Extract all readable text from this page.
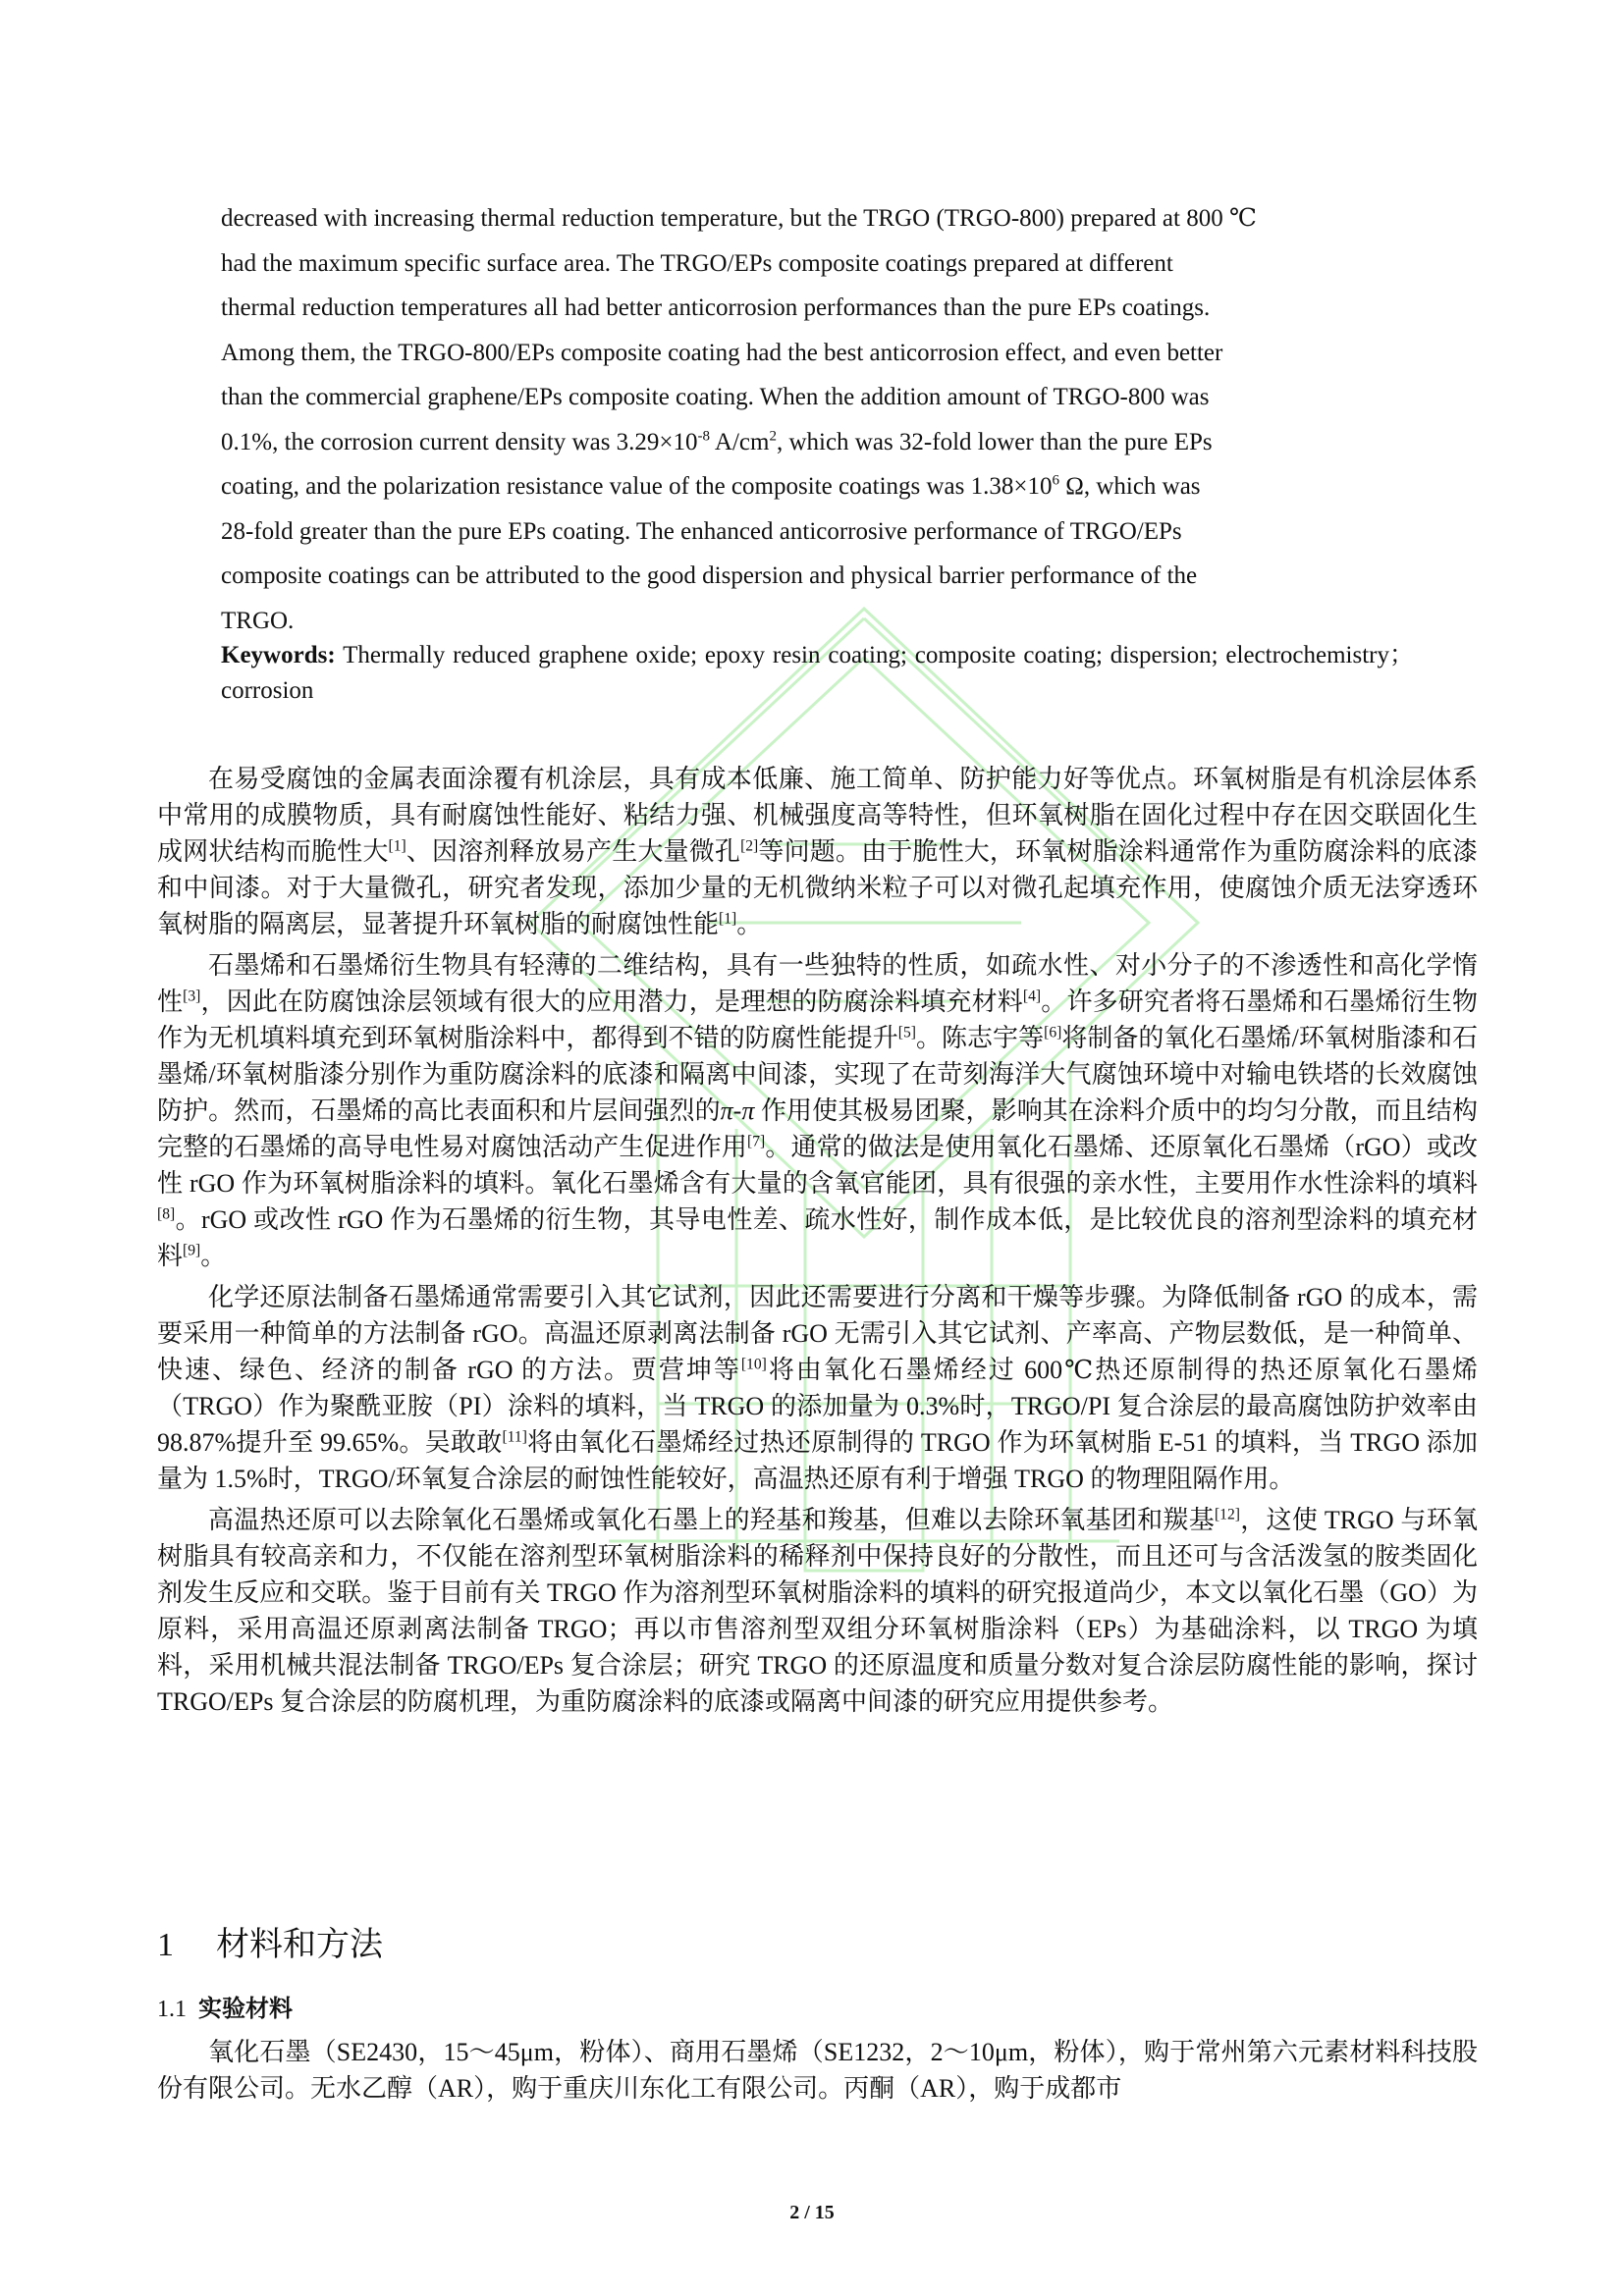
decreased with increasing thermal reduction temperature, but the TRGO (TRGO-800) prepared at 800 ℃

had the maximum specific surface area. The TRGO/EPs composite coatings prepared at different

thermal reduction temperatures all had better anticorrosion performances than the pure EPs coatings.

Among them, the TRGO-800/EPs composite coating had the best anticorrosion effect, and even better

than the commercial graphene/EPs composite coating. When the addition amount of TRGO-800 was

0.1%, the corrosion current density was $3.29\times 10^{-8}$ $A/cm^2$, which was 32-fold lower than the pure EPs

coating, and the polarization resistance value of the composite coatings was $1.38\times 10^6$ Ω, which was

28-fold greater than the pure EPs coating. The enhanced anticorrosive performance of TRGO/EPs

composite coatings can be attributed to the good dispersion and physical barrier performance of the

TRGO.

Keywords: Thermally reduced graphene oxide; epoxy resin coating; composite coating; dispersion; electrochemistry；corrosion

在易受腐蚀的金属表面涂覆有机涂层，具有成本低廉、施工简单、防护能力好等优点。环氧树脂是有机涂层体系中常用的成膜物质，具有耐腐蚀性能好、粘结力强、机械强度高等特性，但环氧树脂在固化过程中存在因交联固化生成网状结构而脆性大[1]、因溶剂释放易产生大量微孔[2]等问题。由于脆性大，环氧树脂涂料通常作为重防腐涂料的底漆和中间漆。对于大量微孔，研究者发现，添加少量的无机微纳米粒子可以对微孔起填充作用，使腐蚀介质无法穿透环氧树脂的隔离层，显著提升环氧树脂的耐腐蚀性能[1]。

石墨烯和石墨烯衍生物具有轻薄的二维结构，具有一些独特的性质，如疏水性、对小分子的不渗透性和高化学惰性[3]，因此在防腐蚀涂层领域有很大的应用潜力，是理想的防腐涂料填充材料[4]。许多研究者将石墨烯和石墨烯衍生物作为无机填料填充到环氧树脂涂料中，都得到不错的防腐性能提升[5]。陈志宇等[6]将制备的氧化石墨烯/环氧树脂漆和石墨烯/环氧树脂漆分别作为重防腐涂料的底漆和隔离中间漆，实现了在苛刻海洋大气腐蚀环境中对输电铁塔的长效腐蚀防护。然而，石墨烯的高比表面积和片层间强烈的π-π 作用使其极易团聚，影响其在涂料介质中的均匀分散，而且结构完整的石墨烯的高导电性易对腐蚀活动产生促进作用[7]。通常的做法是使用氧化石墨烯、还原氧化石墨烯（rGO）或改性 rGO 作为环氧树脂涂料的填料。氧化石墨烯含有大量的含氧官能团，具有很强的亲水性，主要用作水性涂料的填料[8]。rGO 或改性 rGO 作为石墨烯的衍生物，其导电性差、疏水性好，制作成本低，是比较优良的溶剂型涂料的填充材料[9]。

化学还原法制备石墨烯通常需要引入其它试剂，因此还需要进行分离和干燥等步骤。为降低制备 rGO 的成本，需要采用一种简单的方法制备 rGO。高温还原剥离法制备 rGO 无需引入其它试剂、产率高、产物层数低，是一种简单、快速、绿色、经济的制备 rGO 的方法。贾营坤等[10]将由氧化石墨烯经过 600℃热还原制得的热还原氧化石墨烯（TRGO）作为聚酰亚胺（PI）涂料的填料，当 TRGO 的添加量为 0.3%时，TRGO/PI 复合涂层的最高腐蚀防护效率由 98.87%提升至 99.65%。吴敢敢[11]将由氧化石墨烯经过热还原制得的 TRGO 作为环氧树脂 E-51 的填料，当 TRGO 添加量为 1.5%时，TRGO/环氧复合涂层的耐蚀性能较好，高温热还原有利于增强 TRGO 的物理阻隔作用。

高温热还原可以去除氧化石墨烯或氧化石墨上的羟基和羧基，但难以去除环氧基团和羰基[12]，这使 TRGO 与环氧树脂具有较高亲和力，不仅能在溶剂型环氧树脂涂料的稀释剂中保持良好的分散性，而且还可与含活泼氢的胺类固化剂发生反应和交联。鉴于目前有关 TRGO 作为溶剂型环氧树脂涂料的填料的研究报道尚少，本文以氧化石墨（GO）为原料，采用高温还原剥离法制备 TRGO；再以市售溶剂型双组分环氧树脂涂料（EPs）为基础涂料，以 TRGO 为填料，采用机械共混法制备 TRGO/EPs 复合涂层；研究 TRGO 的还原温度和质量分数对复合涂层防腐性能的影响，探讨 TRGO/EPs 复合涂层的防腐机理，为重防腐涂料的底漆或隔离中间漆的研究应用提供参考。

1 材料和方法
1.1 实验材料

氧化石墨（SE2430，15～45μm，粉体）、商用石墨烯（SE1232，2～10μm，粉体），购于常州第六元素材料科技股份有限公司。无水乙醇（AR），购于重庆川东化工有限公司。丙酮（AR），购于成都市

2 / 15
